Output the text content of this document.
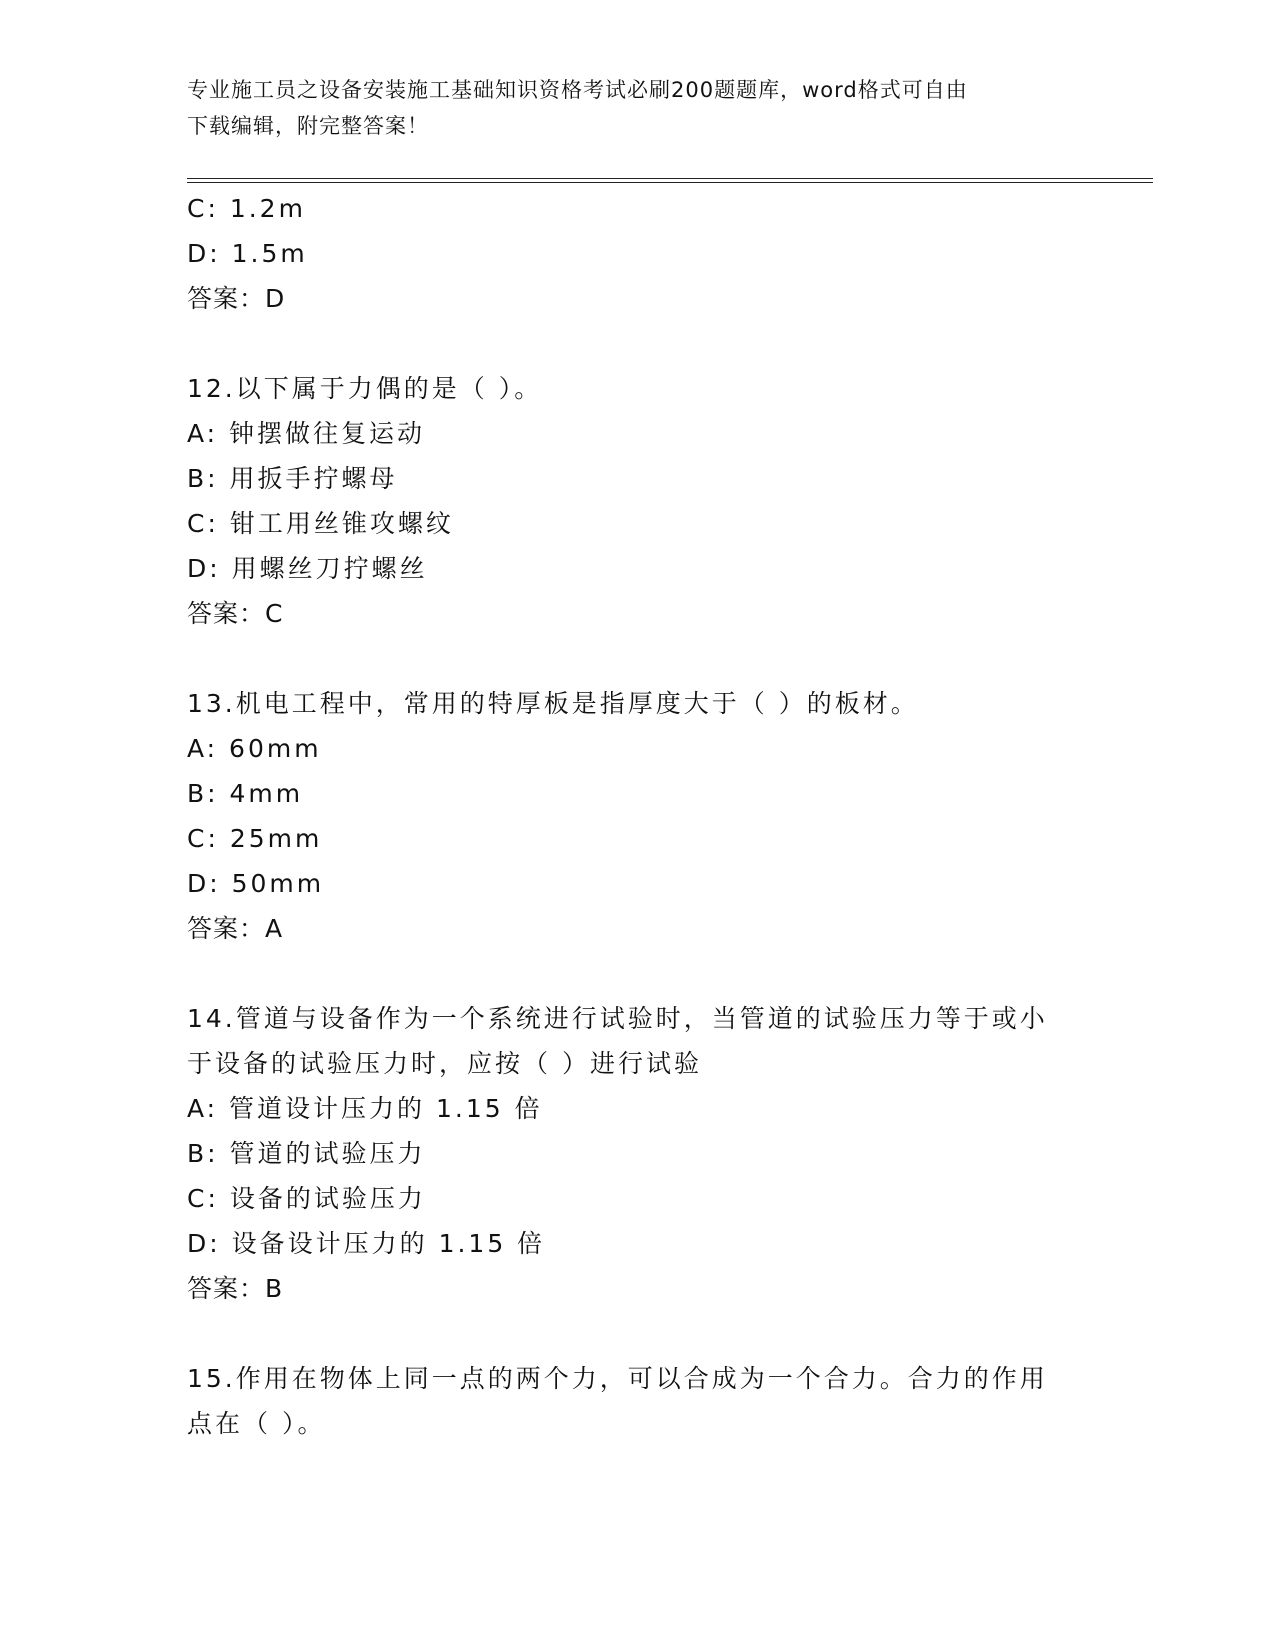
专业施工员之设备安装施工基础知识资格考试必刷200题题库，word格式可自由
下载编辑，附完整答案！
C: 1.2m
D: 1.5m
答案：D
12.以下属于力偶的是（ ）。
A: 钟摆做往复运动
B: 用扳手拧螺母
C: 钳工用丝锥攻螺纹
D: 用螺丝刀拧螺丝
答案：C
13.机电工程中，常用的特厚板是指厚度大于（ ）的板材。
A: 60mm
B: 4mm
C: 25mm
D: 50mm
答案：A
14.管道与设备作为一个系统进行试验时，当管道的试验压力等于或小
于设备的试验压力时，应按（ ）进行试验
A: 管道设计压力的 1.15 倍
B: 管道的试验压力
C: 设备的试验压力
D: 设备设计压力的 1.15 倍
答案：B
15.作用在物体上同一点的两个力，可以合成为一个合力。合力的作用
点在（ ）。
